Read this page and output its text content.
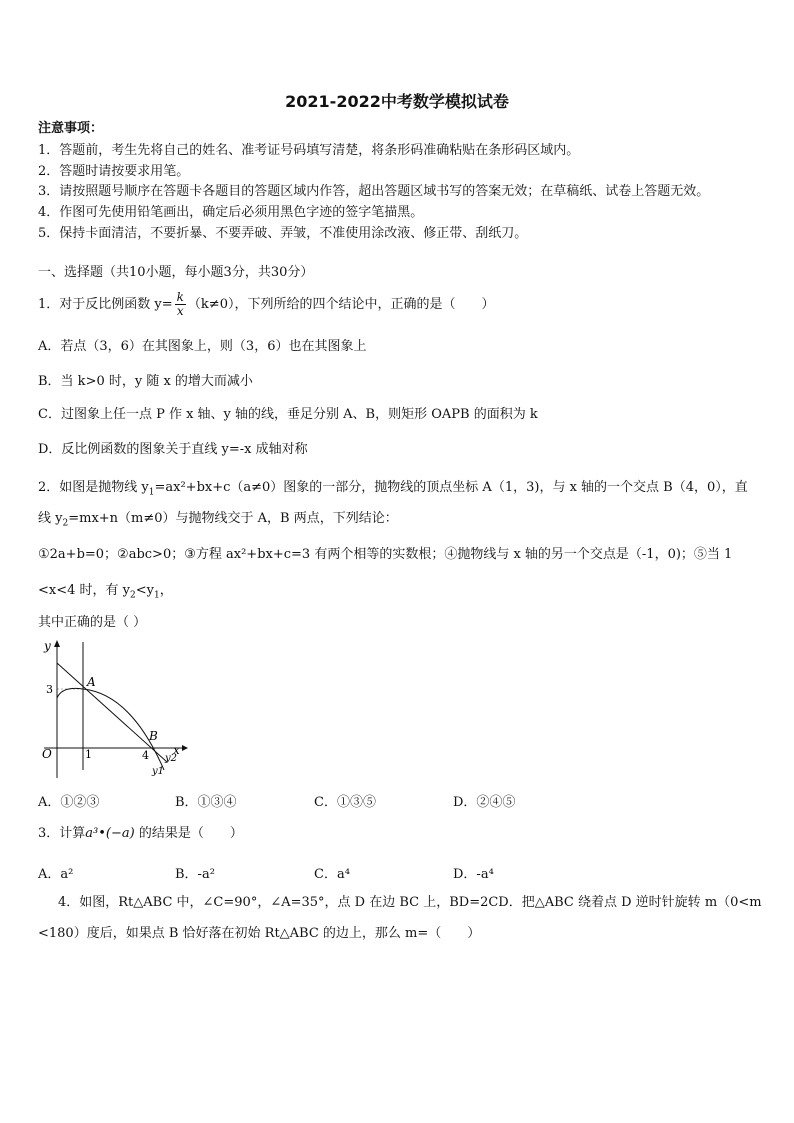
2021-2022中考数学模拟试卷
注意事项：
1．答题前，考生先将自己的姓名、准考证号码填写清楚，将条形码准确粘贴在条形码区域内。
2．答题时请按要求用笔。
3．请按照题号顺序在答题卡各题目的答题区域内作答，超出答题区域书写的答案无效；在草稿纸、试卷上答题无效。
4．作图可先使用铅笔画出，确定后必须用黑色字迹的签字笔描黑。
5．保持卡面清洁，不要折暴、不要弄破、弄皱，不准使用涂改液、修正带、刮纸刀。
一、选择题（共10小题，每小题3分，共30分）
1．对于反比例函数 $y= \frac{k}{x} (k\ne 0)$，下列所给的四个结论中，正确的是（　　）
A．若点（3，6）在其图象上，则（3，6）也在其图象上
B．当 k>0 时，y 随 x 的增大而减小
C．过图象上任一点 P 作 x 轴、y 轴的线，垂足分别 A、B，则矩形 OAPB 的面积为 k
D．反比例函数的图象关于直线 y=-x 成轴对称
2．如图是抛物线 $y_1=ax^2+bx+c(a\ne 0)$图象的一部分，抛物线的顶点坐标 A（1，3)，与 x 轴的一个交点 B（4，0），直
线 $y_2=mx+n(m\ne 0)$与抛物线交于 A，B 两点，下列结论：
①2a+b=0；②abc>0；③方程 ax²+bx+c=3 有两个相等的实数根；④抛物线与 x 轴的另一个交点是（-1，0)；⑤当 1
<x<4 时，有 $y_2<y_1$，
其中正确的是（ ）
y
x
O
3
1	4
A
B
y2
y1
A．①②③	B．①③④	C．①③⑤	D．②④⑤
3．计算a³•(−a) 的结果是（　　）
A．a²	B．-a²	C．a⁴	D．-a⁴
4．如图，Rt△ABC 中，∠C=90°，∠A=35°，点 D 在边 BC 上，BD=2CD．把△ABC 绕着点 D 逆时针旋转 m（0<m
<180）度后，如果点 B 恰好落在初始 Rt△ABC 的边上，那么 m=（　　）
